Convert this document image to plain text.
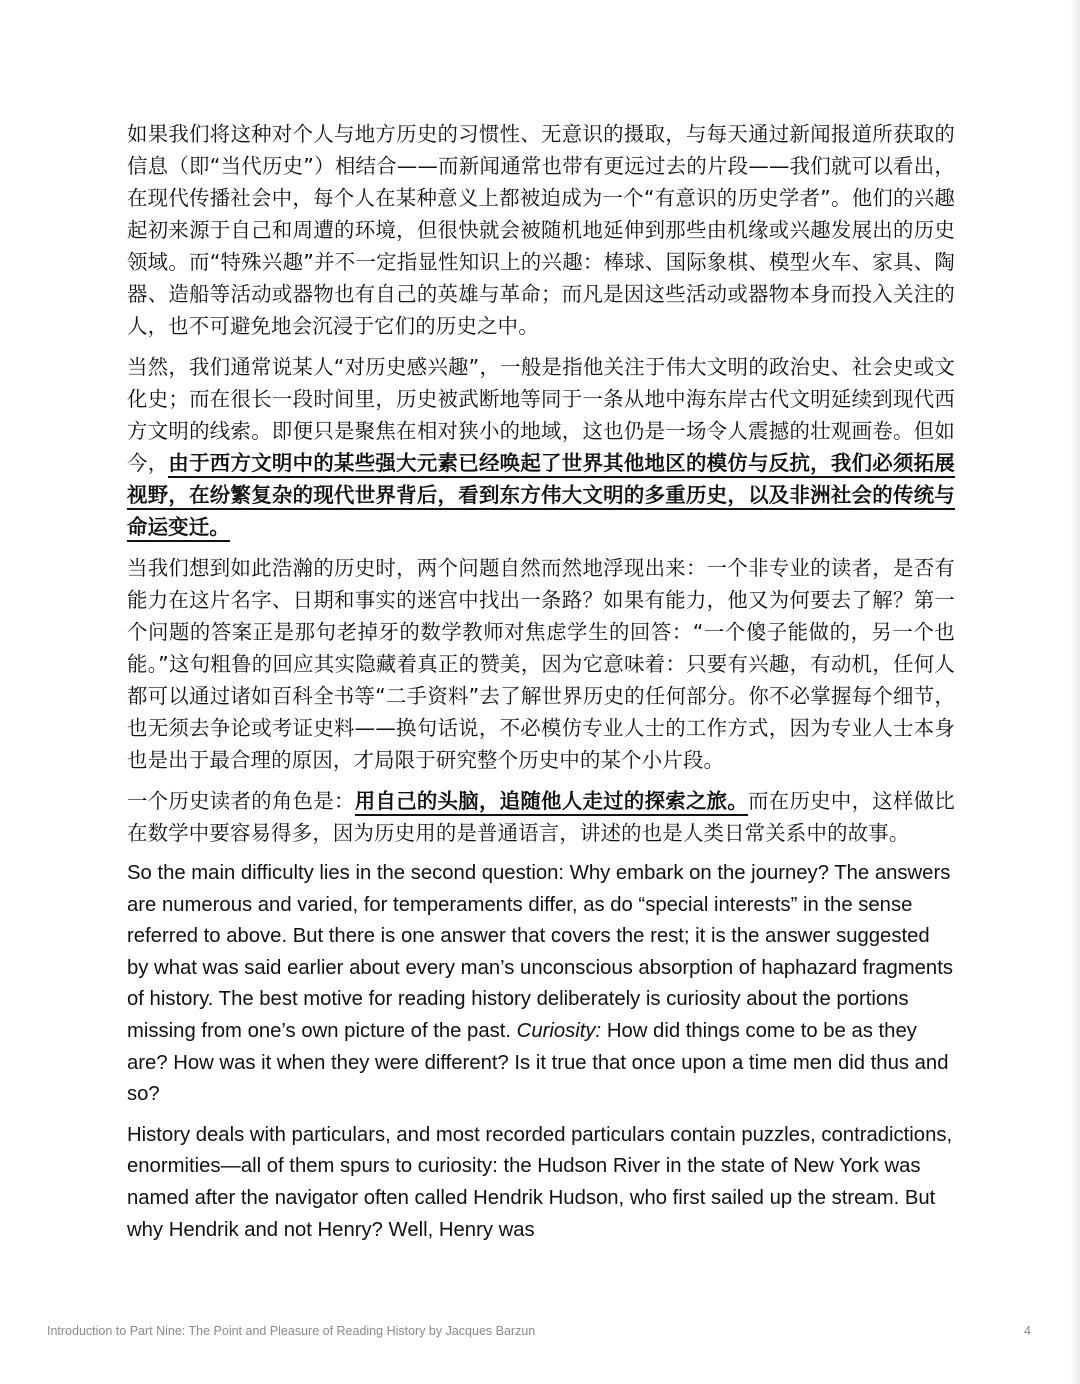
如果我们将这种对个人与地方历史的习惯性、无意识的摄取，与每天通过新闻报道所获取的信息（即“当代历史”）相结合——而新闻通常也带有更远过去的片段——我们就可以看出，在现代传播社会中，每个人在某种意义上都被迫成为一个“有意识的历史学者”。他们的兴趣起初来源于自己和周遭的环境，但很快就会被随机地延伸到那些由机缘或兴趣发展出的历史领域。而“特殊兴趣”并不一定指显性知识上的兴趣：棒球、国际象棋、模型火车、家具、陶器、造船等活动或器物也有自己的英雄与革命；而凡是因这些活动或器物本身而投入关注的人，也不可避免地会沉浸于它们的历史之中。

当然，我们通常说某人“对历史感兴趣”，一般是指他关注于伟大文明的政治史、社会史或文化史；而在很长一段时间里，历史被武断地等同于一条从地中海东岸古代文明延续到现代西方文明的线索。即便只是聚焦在相对狭小的地域，这也仍是一场令人震撼的壮观画卷。但如今，由于西方文明中的某些强大元素已经唤起了世界其他地区的模仿与反抗，我们必须拓展视野，在纷繁复杂的现代世界背后，看到东方伟大文明的多重历史，以及非洲社会的传统与命运变迁。

当我们想到如此浩瀚的历史时，两个问题自然而然地浮现出来：一个非专业的读者，是否有能力在这片名字、日期和事实的迷宫中找出一条路？如果有能力，他又为何要去了解？第一个问题的答案正是那句老掉牙的数学教师对焦虑学生的回答：“一个傻子能做的，另一个也能。”这句粗鲁的回应其实隐藏着真正的赞美，因为它意味着：只要有兴趣，有动机，任何人都可以通过诸如百科全书等“二手资料”去了解世界历史的任何部分。你不必掌握每个细节，也无须去争论或考证史料——换句话说，不必模仿专业人士的工作方式，因为专业人士本身也是出于最合理的原因，才局限于研究整个历史中的某个小片段。

一个历史读者的角色是：用自己的头脑，追随他人走过的探索之旅。而在历史中，这样做比在数学中要容易得多，因为历史用的是普通语言，讲述的也是人类日常关系中的故事。

So the main difficulty lies in the second question: Why embark on the journey? The answers are numerous and varied, for temperaments differ, as do “special interests” in the sense referred to above. But there is one answer that covers the rest; it is the answer suggested by what was said earlier about every man’s unconscious absorption of haphazard fragments of history. The best motive for reading history deliberately is curiosity about the portions missing from one’s own picture of the past. Curiosity: How did things come to be as they are? How was it when they were different? Is it true that once upon a time men did thus and so?

History deals with particulars, and most recorded particulars contain puzzles, contradictions, enormities—all of them spurs to curiosity: the Hudson River in the state of New York was named after the navigator often called Hendrik Hudson, who first sailed up the stream. But why Hendrik and not Henry? Well, Henry was

Introduction to Part Nine: The Point and Pleasure of Reading History by Jacques Barzun	4
